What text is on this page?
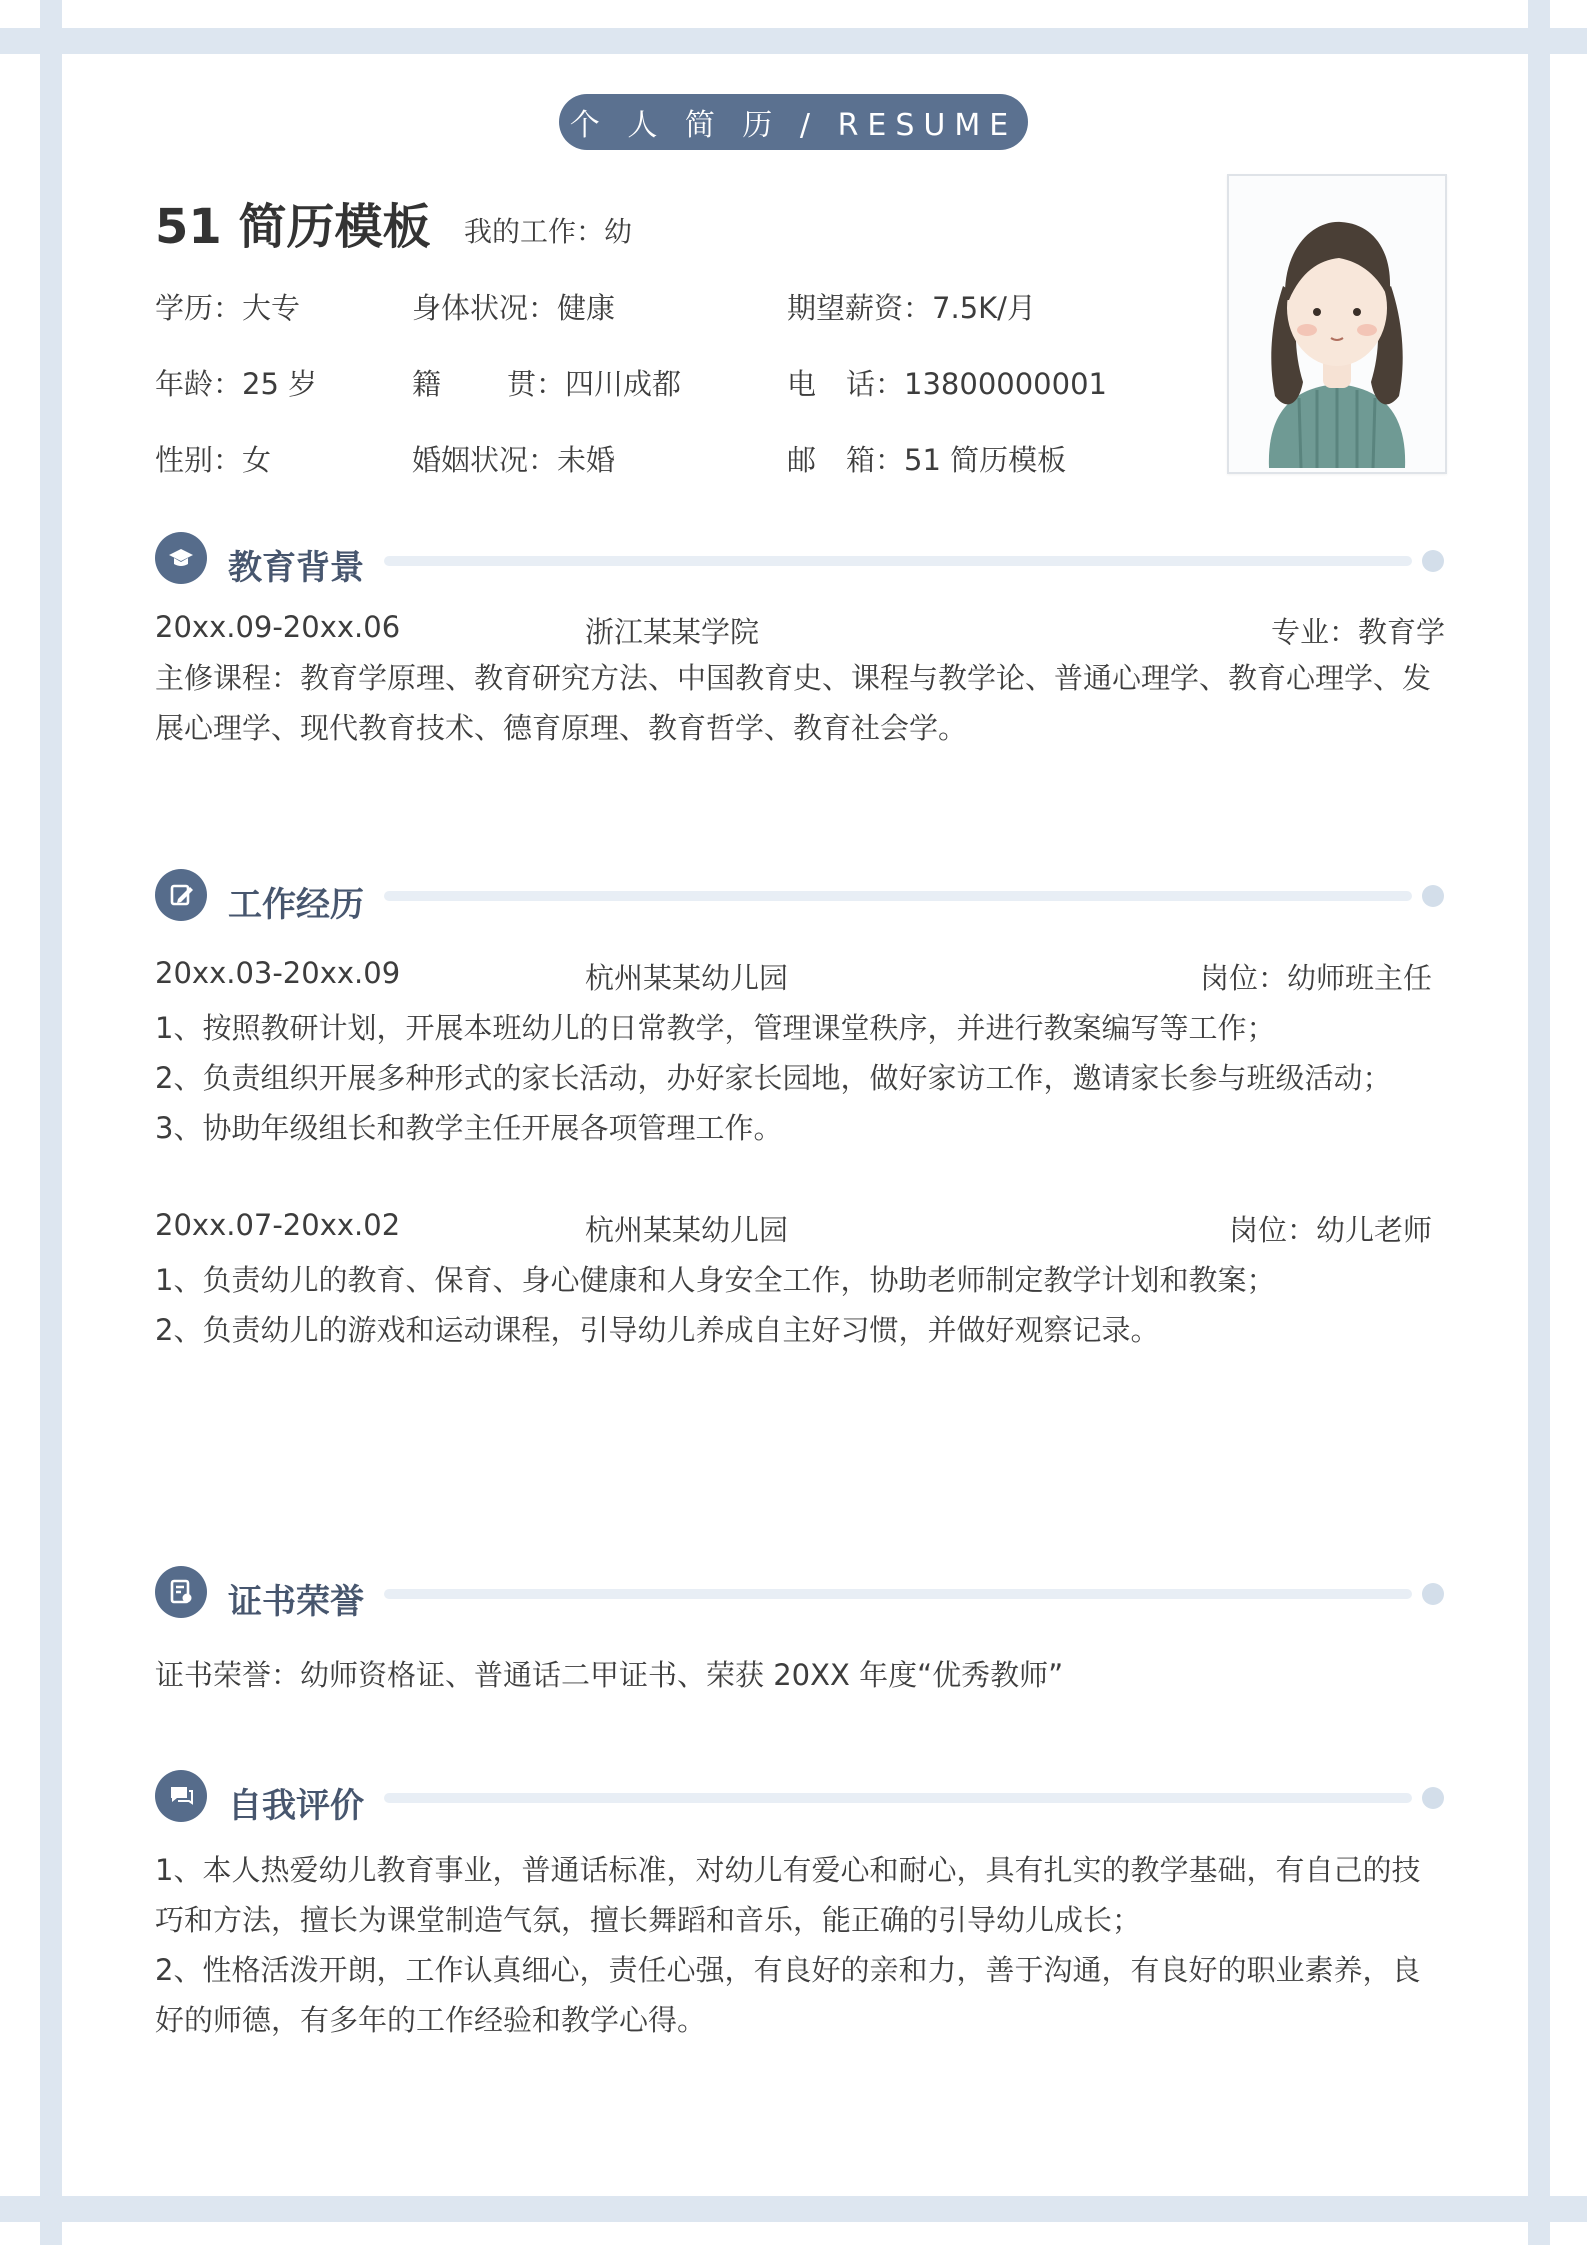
个 人 简 历 / RESUME
51 简历模板 我的工作：幼
学历：大专	身体状况：健康	期望薪资：7.5K/月
年龄：25 岁	籍贯：四川成都	电话：13800000001
性别：女	婚姻状况：未婚	邮箱：51 简历模板
教育背景
20xx.09-20xx.06	浙江某某学院	专业：教育学
主修课程：教育学原理、教育研究方法、中国教育史、课程与教学论、普通心理学、教育心理学、发展心理学、现代教育技术、德育原理、教育哲学、教育社会学。
工作经历
20xx.03-20xx.09	杭州某某幼儿园	岗位：幼师班主任
1、按照教研计划，开展本班幼儿的日常教学，管理课堂秩序，并进行教案编写等工作；
2、负责组织开展多种形式的家长活动，办好家长园地，做好家访工作，邀请家长参与班级活动；
3、协助年级组长和教学主任开展各项管理工作。
20xx.07-20xx.02	杭州某某幼儿园	岗位：幼儿老师
1、负责幼儿的教育、保育、身心健康和人身安全工作，协助老师制定教学计划和教案；
2、负责幼儿的游戏和运动课程，引导幼儿养成自主好习惯，并做好观察记录。
证书荣誉
证书荣誉：幼师资格证、普通话二甲证书、荣获 20XX 年度“优秀教师”
自我评价
1、本人热爱幼儿教育事业，普通话标准，对幼儿有爱心和耐心，具有扎实的教学基础，有自己的技巧和方法，擅长为课堂制造气氛，擅长舞蹈和音乐，能正确的引导幼儿成长；
2、性格活泼开朗，工作认真细心，责任心强，有良好的亲和力，善于沟通，有良好的职业素养，良好的师德，有多年的工作经验和教学心得。
